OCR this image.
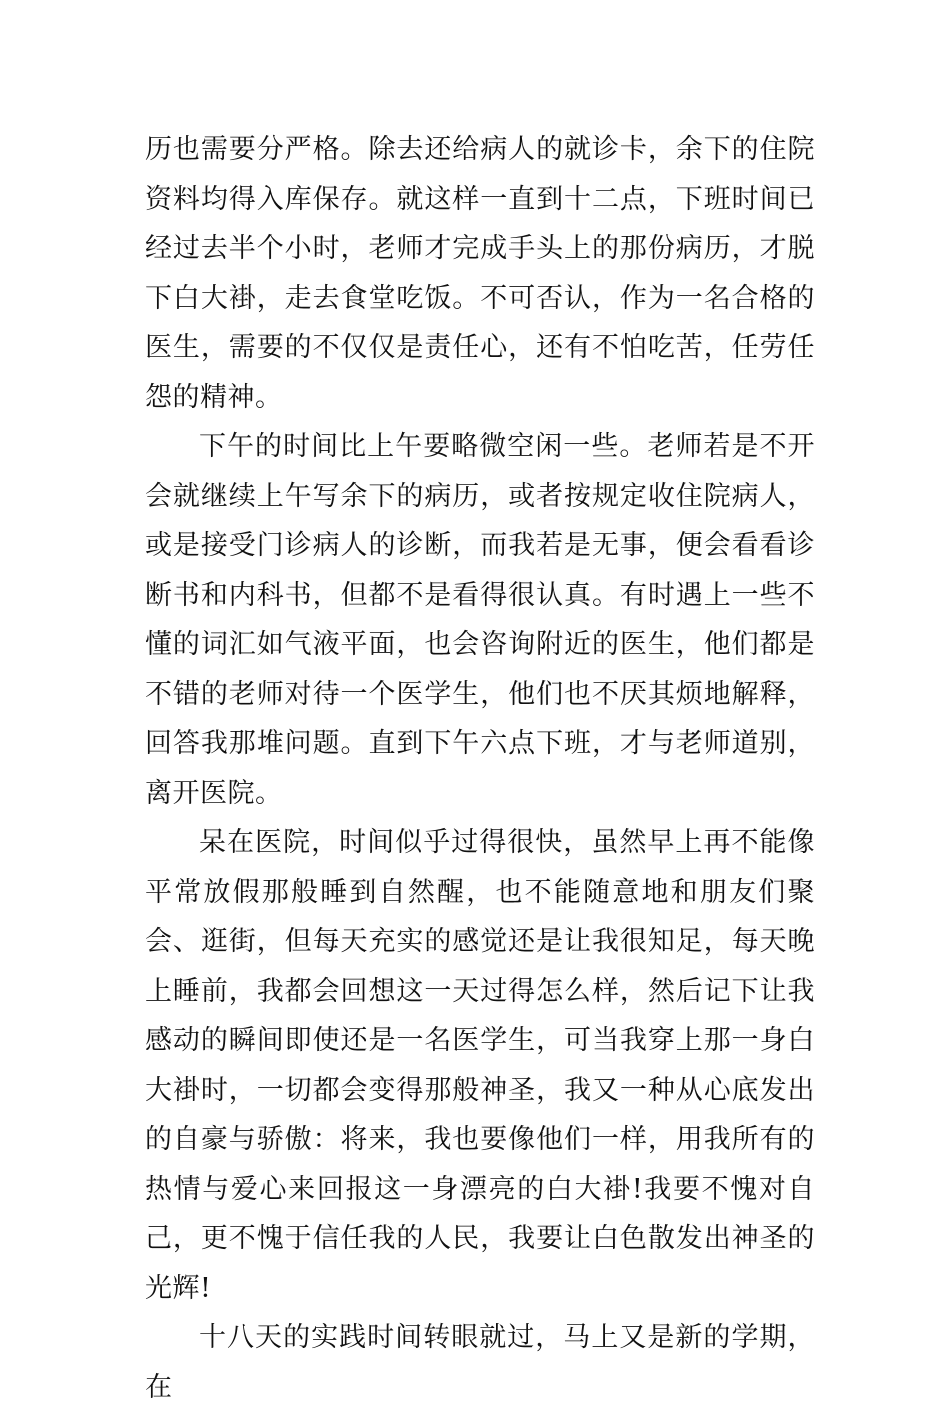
历也需要分严格。除去还给病人的就诊卡，余下的住院资料均得入库保存。就这样一直到十二点，下班时间已经过去半个小时，老师才完成手头上的那份病历，才脱下白大褂，走去食堂吃饭。不可否认，作为一名合格的医生，需要的不仅仅是责任心，还有不怕吃苦，任劳任怨的精神。

下午的时间比上午要略微空闲一些。老师若是不开会就继续上午写余下的病历，或者按规定收住院病人，或是接受门诊病人的诊断，而我若是无事，便会看看诊断书和内科书，但都不是看得很认真。有时遇上一些不懂的词汇如气液平面，也会咨询附近的医生，他们都是不错的老师对待一个医学生，他们也不厌其烦地解释，回答我那堆问题。直到下午六点下班，才与老师道别，离开医院。

呆在医院，时间似乎过得很快，虽然早上再不能像平常放假那般睡到自然醒，也不能随意地和朋友们聚会、逛街，但每天充实的感觉还是让我很知足，每天晚上睡前，我都会回想这一天过得怎么样，然后记下让我感动的瞬间即使还是一名医学生，可当我穿上那一身白大褂时，一切都会变得那般神圣，我又一种从心底发出的自豪与骄傲：将来，我也要像他们一样，用我所有的热情与爱心来回报这一身漂亮的白大褂!我要不愧对自己，更不愧于信任我的人民，我要让白色散发出神圣的光辉!

十八天的实践时间转眼就过，马上又是新的学期，在
